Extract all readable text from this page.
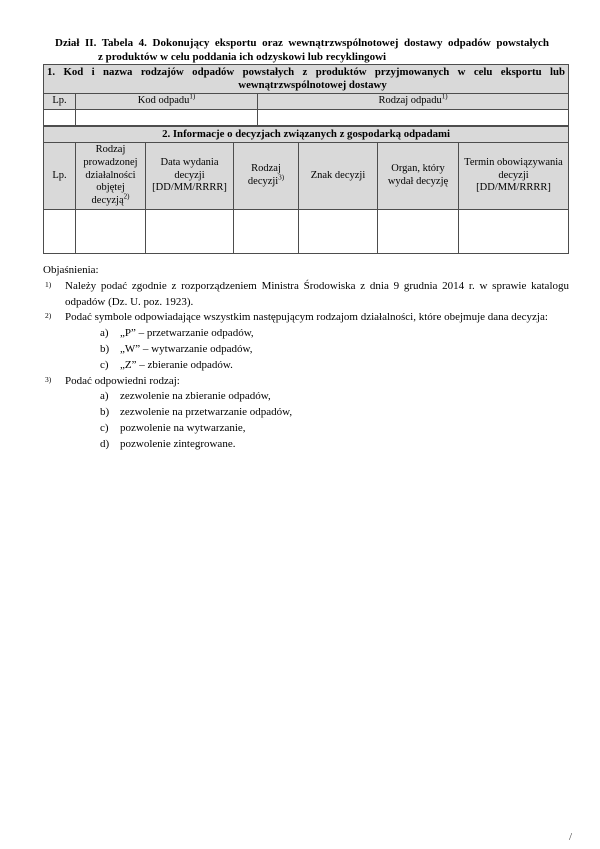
Dział II. Tabela 4. Dokonujący eksportu oraz wewnątrzwspólnotowej dostawy odpadów powstałych
z produktów w celu poddania ich odzyskowi lub recyklingowi
1. Kod i nazwa rodzajów odpadów powstałych z produktów przyjmowanych w celu eksportu lub
wewnątrzwspólnotowej dostawy		

Lp.	Kod odpadu$^{1)}$	Rodzaj odpadu$^{1)}$

2. Informacje o decyzjach związanych z gospodarką odpadami						
Lp.	Rodzaj prowadzonej działalności objętej decyzją$^{2)}$	Data wydania decyzji [DD/MM/RRRR]	Rodzaj decyzji$^{3)}$	Znak decyzji	Organ, który wydał decyzję	Termin obowiązywania decyzji [DD/MM/RRRR]

Objaśnienia:
1) Należy podać zgodnie z rozporządzeniem Ministra Środowiska z dnia 9 grudnia 2014 r. w sprawie katalogu
odpadów (Dz. U. poz. 1923).
2) Podać symbole odpowiadające wszystkim następującym rodzajom działalności, które obejmuje dana decyzja:
a)	„P” – przetwarzanie odpadów,
b) „W” – wytwarzanie odpadów,
c)	„Z” – zbieranie odpadów.
3) Podać odpowiedni rodzaj:
a)	zezwolenie na zbieranie odpadów,
b) zezwolenie na przetwarzanie odpadów,
c)	pozwolenie na wytwarzanie,
d) pozwolenie zintegrowane.
/
